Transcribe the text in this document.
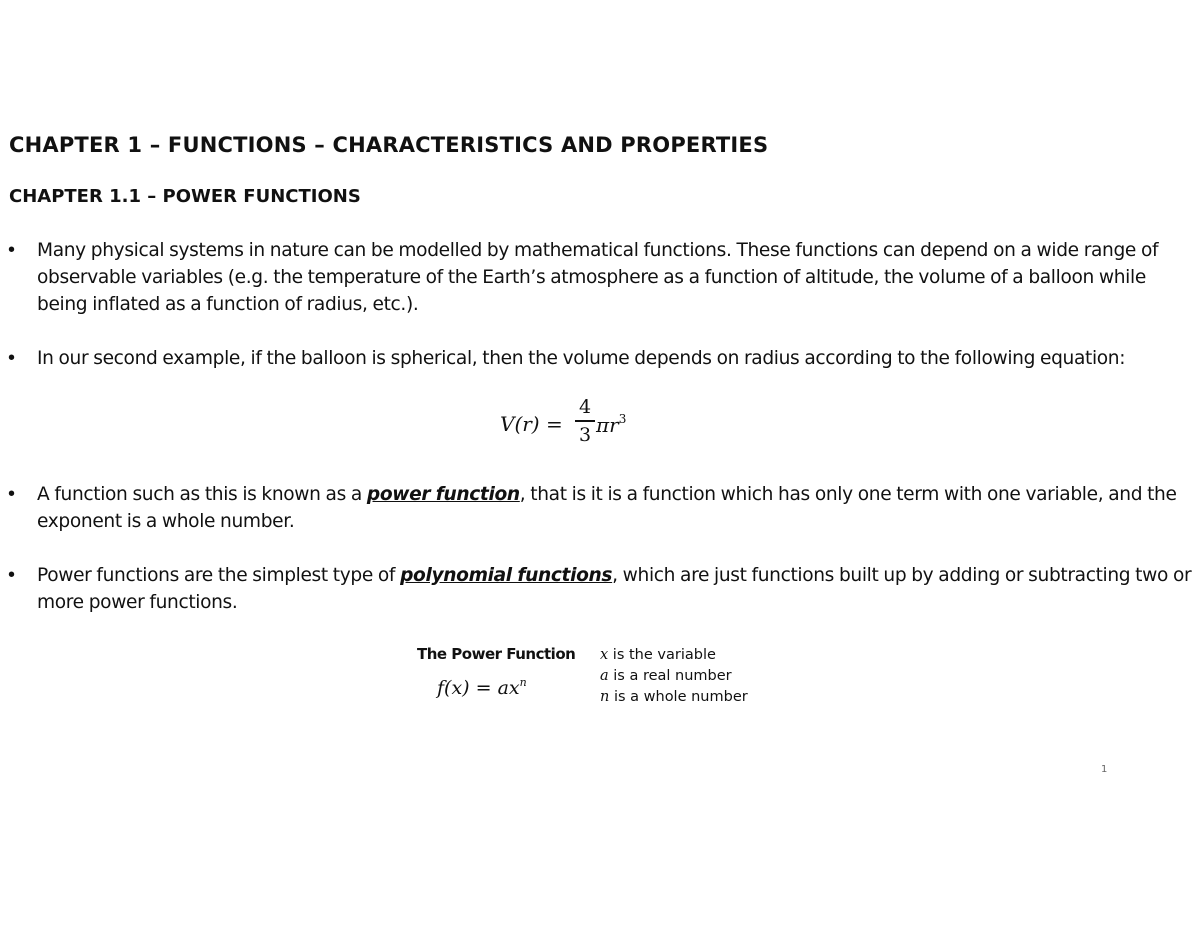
CHAPTER 1 – FUNCTIONS – CHARACTERISTICS AND PROPERTIES
CHAPTER 1.1 – POWER FUNCTIONS
• Many physical systems in nature can be modelled by mathematical functions. These functions can depend on a wide range of observable variables (e.g. the temperature of the Earth’s atmosphere as a function of altitude, the volume of a balloon while being inflated as a function of radius, etc.).
• In our second example, if the balloon is spherical, then the volume depends on radius according to the following equation:
V(r) =
4
3 $\pi r^3$
• A function such as this is known as a power function, that is it is a function which has only one term with one variable, and the exponent is a whole number.
• Power functions are the simplest type of polynomial functions, which are just functions built up by adding or subtracting two or more power functions.
The Power Function
$f(x) = ax^n$
x is the variable
a is a real number
n is a whole number
1
